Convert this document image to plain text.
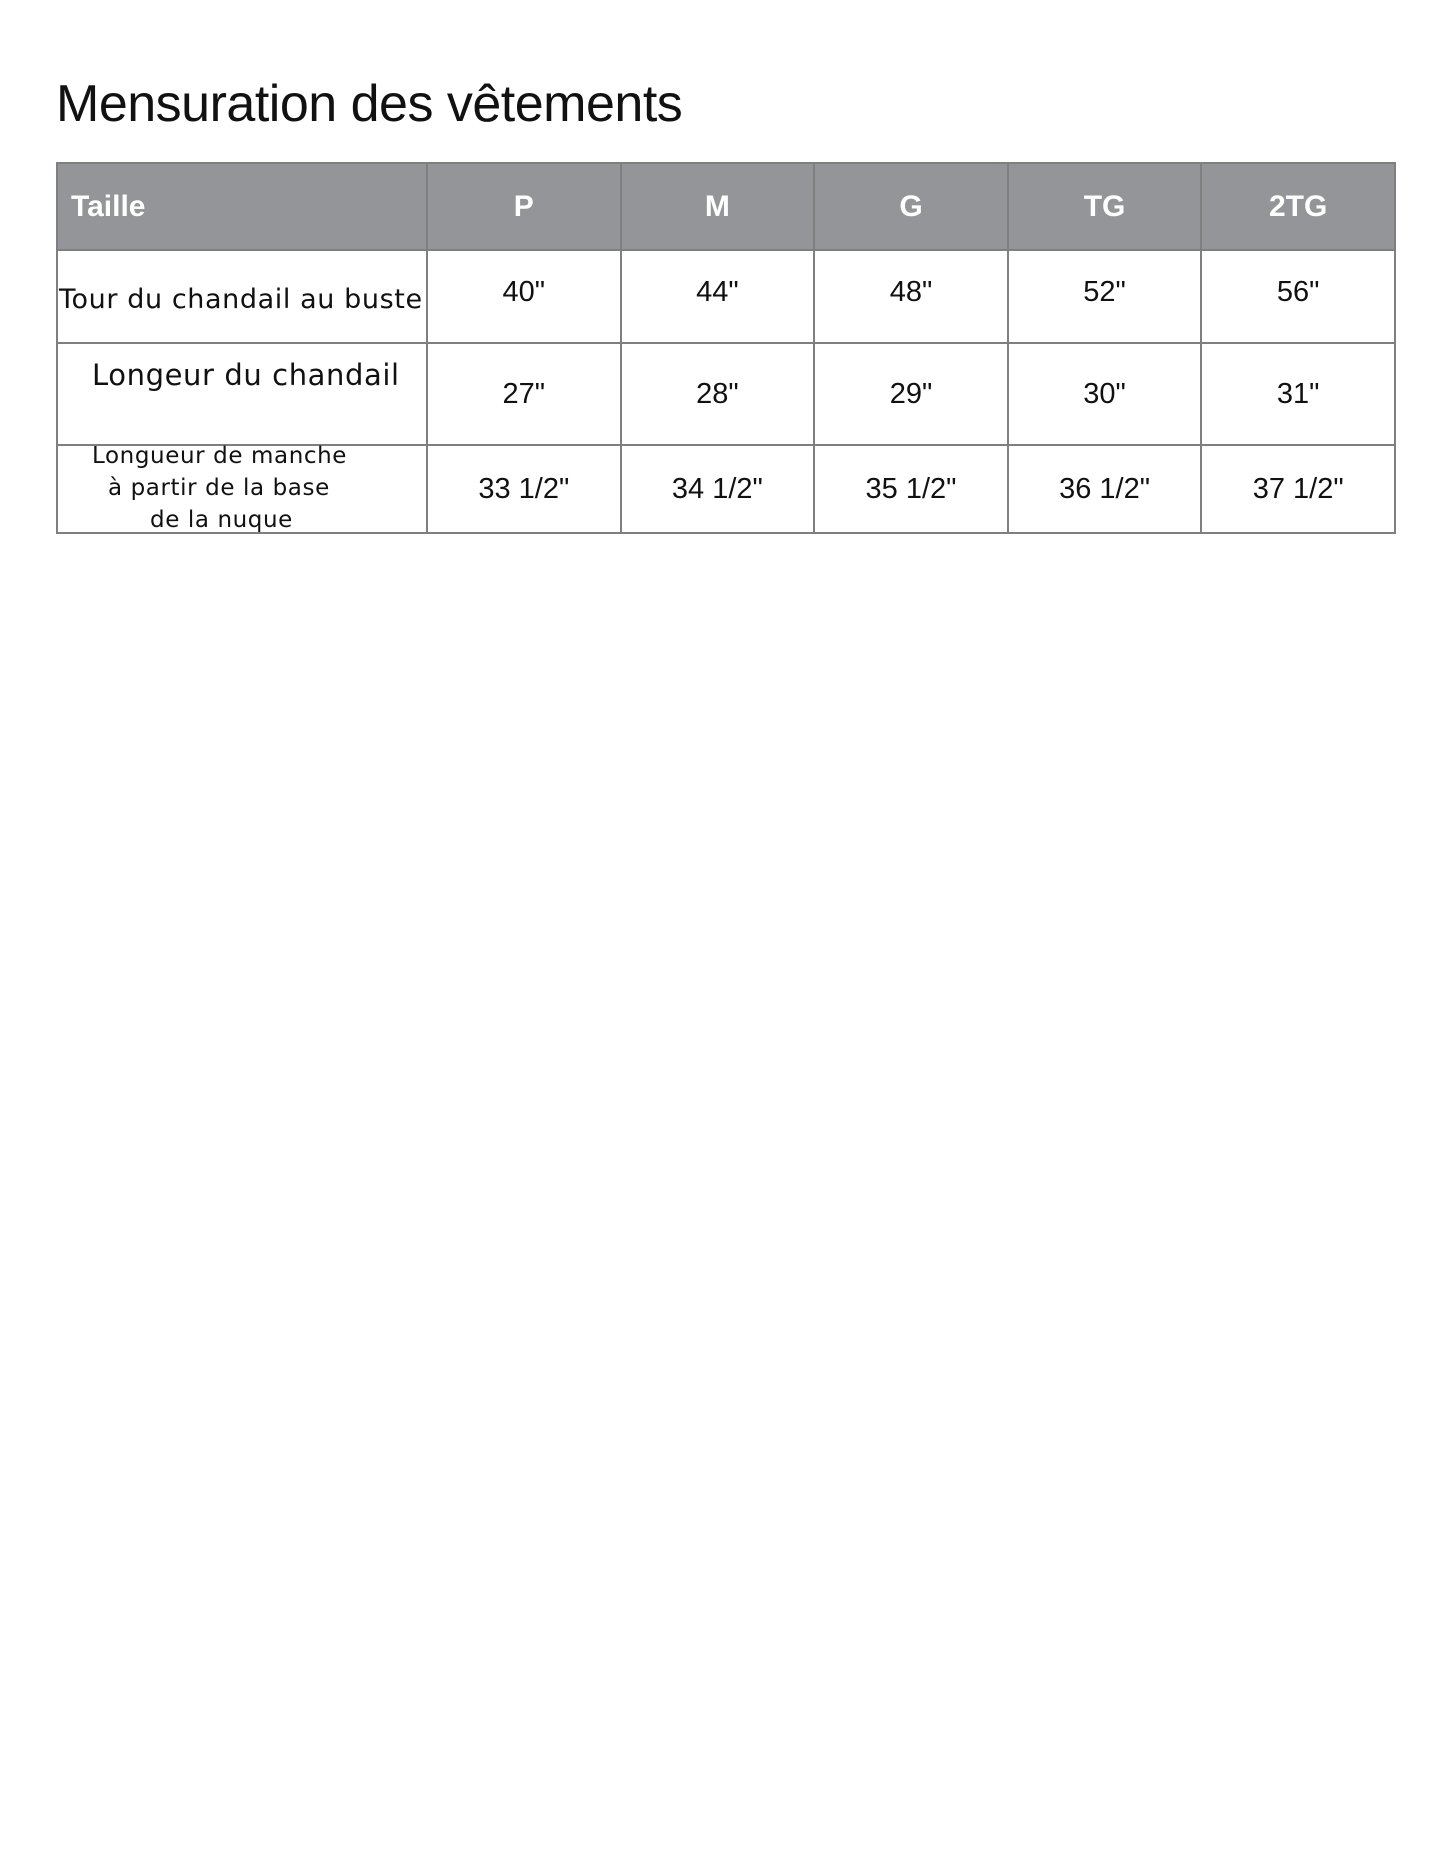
Mensuration des vêtements
Taille	P	M	G	TG	2TG
Tour du chandail au buste	40"	44"	48"	52"	56"
Longeur du chandail	27"	28"	29"	30"	31"

Longueur de manche
à partir de la base
de la nuque	33 1/2"	34 1/2"	35 1/2"	36 1/2"	37 1/2"
